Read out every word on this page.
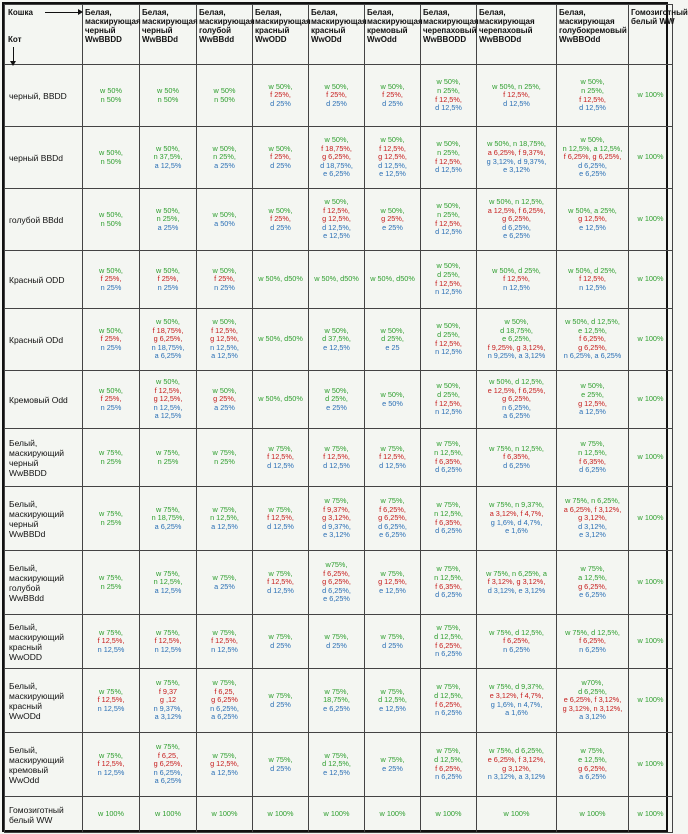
Кошка
Кот	Белая,
маскирующая
черный
WwBBDD	Белая,
маскирующая
черный
WwBBDd	Белая,
маскирующая
голубой
WwBBdd	Белая,
маскирующая
красный
WwODD	Белая,
маскирующая
красный
WwODd	Белая,
маскирующая
кремовый
WwOdd	Белая,
маскирующая
черепаховый
WwBBODD	Белая,
маскирующая
черепаховый
WwBBODd	Белая,
маскирующая
голубокремовый
WwBBOdd	Гомозиготный
белый WW

черный, BBDD	w 50%
n 50%	w 50%
n 50%	w 50%
n 50%	w 50%,
f 25%,
d 25%	w 50%,
f 25%,
d 25%	w 50%,
f 25%,
d 25%	w 50%,
n 25%,
f 12,5%,
d 12,5%	w 50%, n 25%,
f 12,5%,
d 12,5%	w 50%,
n 25%,
f 12,5%,
d 12,5%	w 100%

черный BBDd	w 50%,
n 50%	w 50%,
n 37,5%,
a 12,5%	w 50%,
n 25%,
a 25%	w 50%,
f 25%,
d 25%	w 50%,
f 18,75%,
g 6,25%,
d 18,75%,
e 6,25%	w 50%,
f 12,5%,
g 12,5%,
d 12,5%,
e 12,5%	w 50%,
n 25%,
f 12,5%,
d 12,5%	w 50%, n 18,75%,
a 6,25%, f 9,37%,
g 3,12%, d 9,37%,
e 3,12%	w 50%,
n 12,5%, a 12,5%,
f 6,25%, g 6,25%,
d 6,25%,
e 6,25%	w 100%

голубой BBdd	w 50%,
n 50%	w 50%,
n 25%,
a 25%	w 50%,
a 50%	w 50%,
f 25%,
d 25%	w 50%,
f 12,5%,
g 12,5%,
d 12,5%,
e 12,5%	w 50%,
g 25%,
e 25%	w 50%,
n 25%,
f 12,5%,
d 12,5%	w 50%, n 12,5%,
a 12,5%, f 6,25%,
g 6,25%,
d 6,25%,
e 6,25%	w 50%, a 25%,
g 12,5%,
e 12,5%	w 100%

Красный ODD	w 50%,
f 25%,
n 25%	w 50%,
f 25%,
n 25%	w 50%,
f 25%,
n 25%	w 50%, d50%	w 50%, d50%	w 50%, d50%	w 50%,
d 25%,
f 12,5%,
n 12,5%	w 50%, d 25%,
f 12,5%,
n 12,5%	w 50%, d 25%,
f 12,5%,
n 12,5%	w 100%

Красный ODd	w 50%,
f 25%,
n 25%	w 50%,
f 18,75%,
g 6,25%,
n 18,75%,
a 6,25%	w 50%,
f 12,5%,
g 12,5%,
n 12,5%,
a 12,5%	w 50%, d50%	w 50%,
d 37,5%,
e 12,5%	w 50%,
d 25%,
e 25	w 50%,
d 25%,
f 12,5%,
n 12,5%	w 50%,
d 18,75%,
e 6,25%,
f 9,25%, g 3,12%,
n 9,25%, a 3,12%	w 50%, d 12,5%,
e 12,5%,
f 6,25%,
g 6,25%,
n 6,25%, a 6,25%	w 100%

Кремовый Odd	w 50%,
f 25%,
n 25%	w 50%,
f 12,5%,
g 12,5%,
n 12,5%,
a 12,5%	w 50%,
g 25%,
a 25%	w 50%, d50%	w 50%,
d 25%,
e 25%	w 50%,
e 50%	w 50%,
d 25%,
f 12,5%,
n 12,5%	w 50%, d 12,5%,
e 12,5%, f 6,25%,
g 6,25%,
n 6,25%,
a 6,25%	w 50%,
e 25%,
g 12,5%,
a 12,5%	w 100%

Белый,
маскирующий
черный
WwBBDD	w 75%,
n 25%	w 75%,
n 25%	w 75%,
n 25%	w 75%,
f 12,5%,
d 12,5%	w 75%,
f 12,5%,
d 12,5%	w 75%,
f 12,5%,
d 12,5%	w 75%,
n 12,5%,
f 6,35%,
d 6,25%	w 75%, n 12,5%,
f 6,35%,
d 6,25%	w 75%,
n 12,5%,
f 6,35%,
d 6,25%	w 100%

Белый,
маскирующий
черный
WwBBDd	w 75%,
n 25%	w 75%,
n 18,75%,
a 6,25%	w 75%,
n 12,5%,
a 12,5%	w 75%,
f 12,5%,
d 12,5%	w 75%,
f 9,37%,
g 3,12%,
d 9,37%,
e 3,12%	w 75%,
f 6,25%,
g 6,25%,
d 6,25%,
e 6,25%	w 75%,
n 12,5%,
f 6,35%,
d 6,25%	w 75%, n 9,37%,
a 3,12%, f 4,7%,
g 1,6%, d 4,7%,
e 1,6%	w 75%, n 6,25%,
a 6,25%, f 3,12%,
g 3,12%,
d 3,12%,
e 3,12%	w 100%

Белый,
маскирующий
голубой
WwBBdd	w 75%,
n 25%	w 75%,
n 12,5%,
a 12,5%	w 75%,
a 25%	w 75%,
f 12,5%,
d 12,5%	w75%,
f 6,25%,
g 6,25%,
d 6,25%,
e 6,25%	w 75%,
g 12,5%,
e 12,5%	w 75%,
n 12,5%,
f 6,35%,
d 6,25%	w 75%, n 6,25%, a
f 3,12%, g 3,12%,
d 3,12%, e 3,12%	w 75%,
a 12,5%,
g 6,25%,
e 6,25%	w 100%

Белый,
маскирующий
красный
WwODD	w 75%,
f 12,5%,
n 12,5%	w 75%,
f 12,5%,
n 12,5%	w 75%,
f 12,5%,
n 12,5%	w 75%,
d 25%	w 75%,
d 25%	w 75%,
d 25%	w 75%,
d 12,5%,
f 6,25%,
n 6,25%	w 75%, d 12,5%,
f 6,25%,
n 6,25%	w 75%, d 12,5%,
f 6,25%,
n 6,25%	w 100%

Белый,
маскирующий
красный
WwODd	w 75%,
f 12,5%,
n 12,5%	w 75%,
f 9,37
g ,12
n 9,37%,
a 3,12%	w 75%,
f 6,25,
g 6,25%
n 6,25%,
a 6,25%	w 75%,
d 25%	w 75%,
18,75%,
e 6,25%	w 75%,
d 12,5%,
e 12,5%	w 75%,
d 12,5%,
f 6,25%,
n 6,25%	w 75%, d 9,37%,
e 3,12%, f 4,7%,
g 1,6%, n 4,7%,
a 1,6%	w70%,
d 6,25%,
e 6,25%, f 3,12%,
g 3,12%, n 3,12%,
a 3,12%	w 100%

Белый,
маскирующий
кремовый
WwOdd	w 75%,
f 12,5%,
n 12,5%	w 75%,
f 6,25,
g 6,25%,
n 6,25%,
a 6,25%	w 75%,
g 12,5%,
a 12,5%	w 75%,
d 25%	w 75%,
d 12,5%,
e 12,5%	w 75%,
e 25%	w 75%,
d 12,5%,
f 6,25%,
n 6,25%	w 75%, d 6,25%,
e 6,25%, f 3,12%,
g 3,12%,
n 3,12%, a 3,12%	w 75%,
e 12,5%,
g 6,25%,
a 6,25%	w 100%

Гомозиготный
белый WW	w 100%	w 100%	w 100%	w 100%	w 100%	w 100%	w 100%	w 100%	w 100%	w 100%
